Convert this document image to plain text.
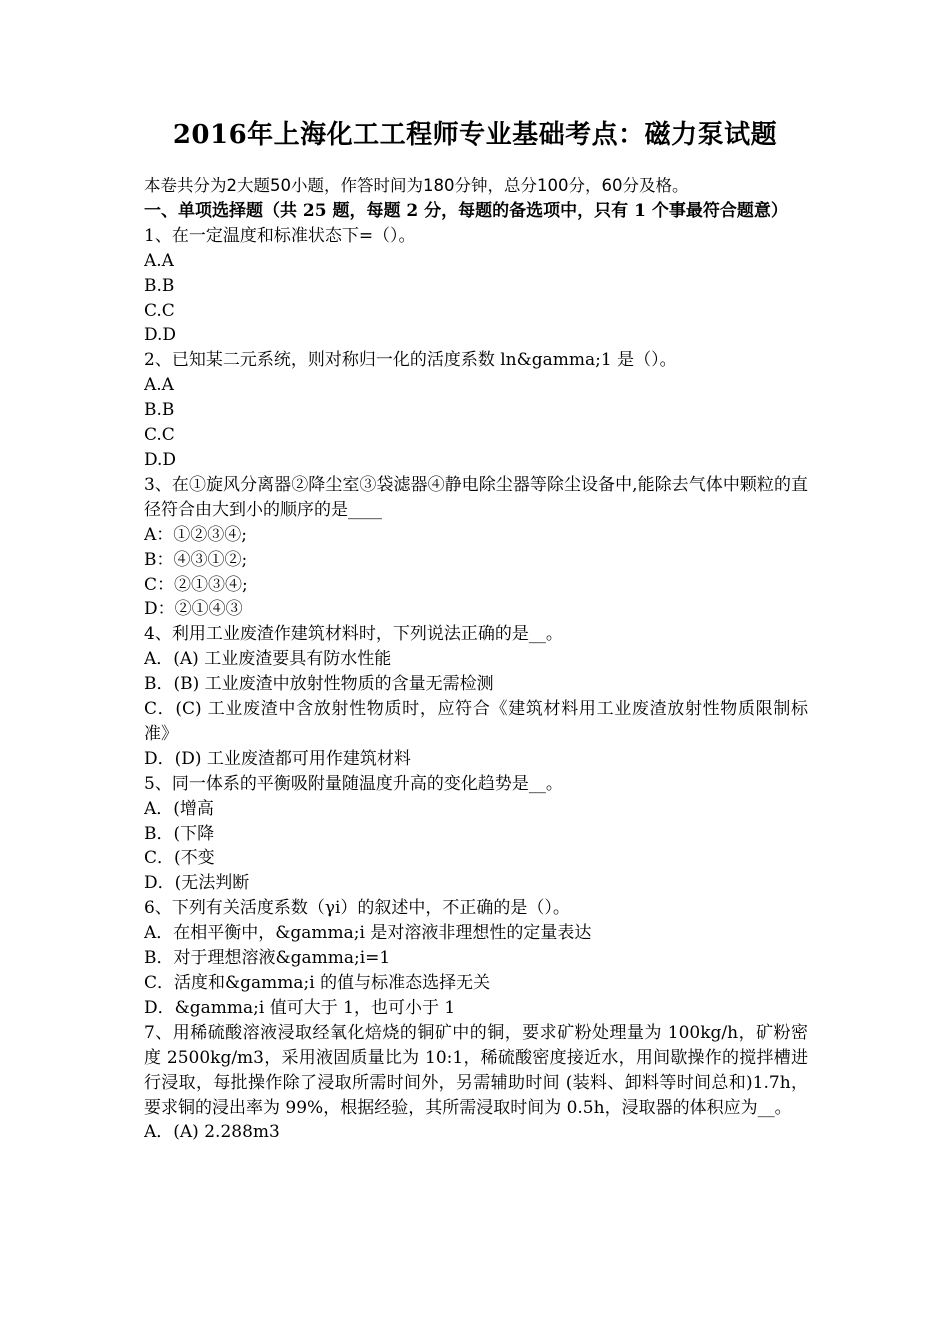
2016年上海化工工程师专业基础考点：磁力泵试题
本卷共分为2大题50小题，作答时间为180分钟，总分100分，60分及格。
一、单项选择题（共 25 题，每题 2 分，每题的备选项中，只有 1 个事最符合题意）
1、在一定温度和标准状态下=（）。
A.A
B.B
C.C
D.D
2、已知某二元系统，则对称归一化的活度系数 ln&gamma;1 是（）。
A.A
B.B
C.C
D.D
3、在①旋风分离器②降尘室③袋滤器④静电除尘器等除尘设备中,能除去气体中颗粒的直径符合由大到小的顺序的是____
A：①②③④;
B：④③①②;
C：②①③④;
D：②①④③
4、利用工业废渣作建筑材料时，下列说法正确的是__。
A．(A) 工业废渣要具有防水性能
B．(B) 工业废渣中放射性物质的含量无需检测
C．(C) 工业废渣中含放射性物质时，应符合《建筑材料用工业废渣放射性物质限制标准》
D．(D) 工业废渣都可用作建筑材料
5、同一体系的平衡吸附量随温度升高的变化趋势是__。
A．(增高
B．(下降
C．(不变
D．(无法判断
6、下列有关活度系数（γi）的叙述中，不正确的是（）。
A．在相平衡中，&gamma;i 是对溶液非理想性的定量表达
B．对于理想溶液&gamma;i=1
C．活度和&gamma;i 的值与标准态选择无关
D．&gamma;i 值可大于 1，也可小于 1
7、用稀硫酸溶液浸取经氧化焙烧的铜矿中的铜，要求矿粉处理量为 100kg/h，矿粉密度 2500kg/m3，采用液固质量比为 10:1，稀硫酸密度接近水，用间歇操作的搅拌槽进行浸取，每批操作除了浸取所需时间外，另需辅助时间 (装料、卸料等时间总和)1.7h，要求铜的浸出率为 99%，根据经验，其所需浸取时间为 0.5h，浸取器的体积应为__。
A．(A) 2.288m3
